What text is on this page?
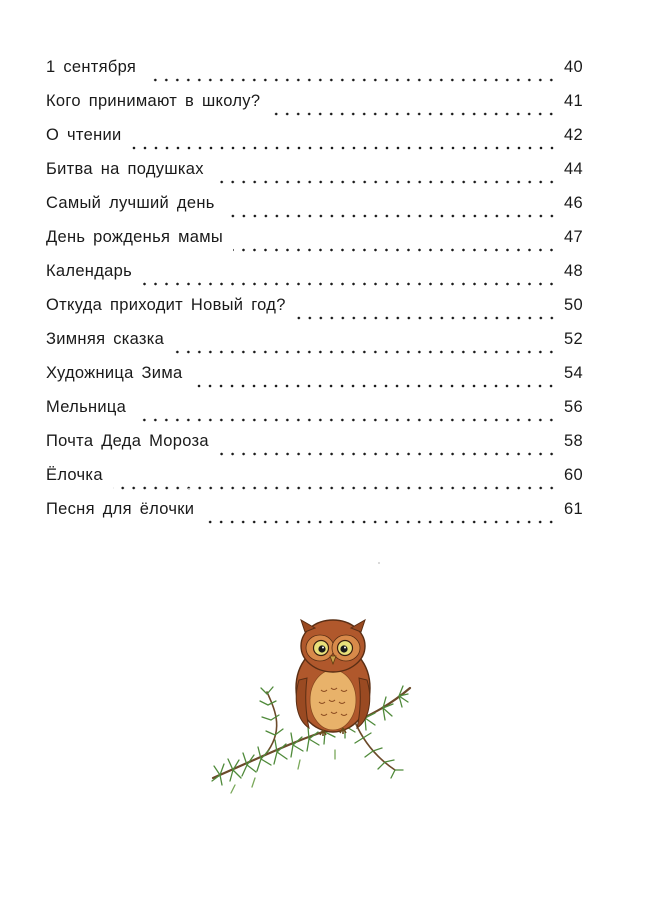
1 сентября	40
Кого принимают в школу?	41
О чтении	42
Битва на подушках	44
Самый лучший день	46
День рожденья мамы	47
Календарь	48
Откуда приходит Новый год?	50
Зимняя сказка	52
Художница Зима	54
Мельница	56
Почта Деда Мороза	58
Ёлочка	60
Песня для ёлочки	61
